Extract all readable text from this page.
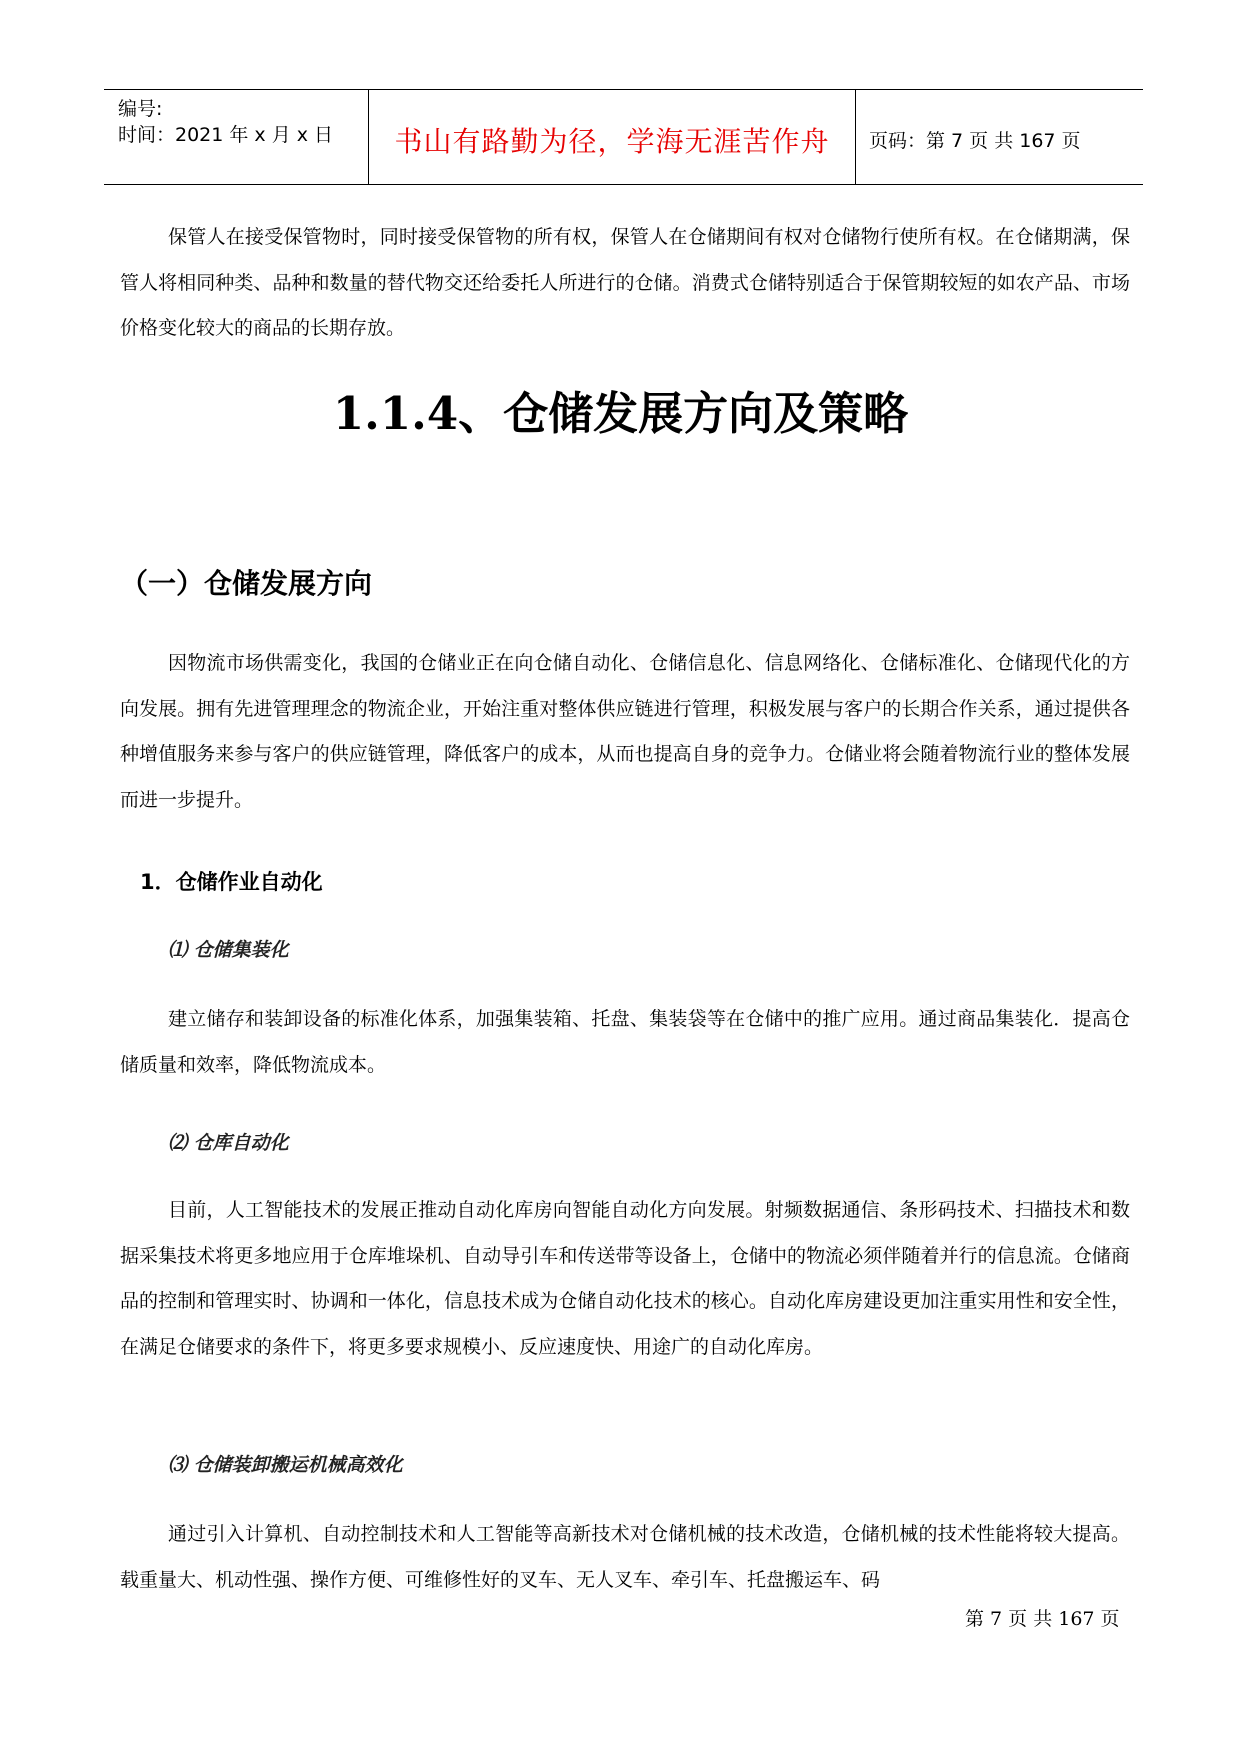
编号:
时间：2021 年 x 月 x 日	书山有路勤为径，学海无涯苦作舟	页码：第 7 页 共 167 页

保管人在接受保管物时，同时接受保管物的所有权，保管人在仓储期间有权对仓储物行使所有权。在仓储期满，保管人将相同种类、品种和数量的替代物交还给委托人所进行的仓储。消费式仓储特别适合于保管期较短的如农产品、市场价格变化较大的商品的长期存放。

1.1.4、仓储发展方向及策略
（一）仓储发展方向

因物流市场供需变化，我国的仓储业正在向仓储自动化、仓储信息化、信息网络化、仓储标准化、仓储现代化的方向发展。拥有先进管理理念的物流企业，开始注重对整体供应链进行管理，积极发展与客户的长期合作关系，通过提供各种增值服务来参与客户的供应链管理，降低客户的成本，从而也提高自身的竞争力。仓储业将会随着物流行业的整体发展而进一步提升。

1．仓储作业自动化
⑴ 仓储集装化

建立储存和装卸设备的标准化体系，加强集装箱、托盘、集装袋等在仓储中的推广应用。通过商品集装化．提高仓储质量和效率，降低物流成本。

⑵ 仓库自动化

目前，人工智能技术的发展正推动自动化库房向智能自动化方向发展。射频数据通信、条形码技术、扫描技术和数据采集技术将更多地应用于仓库堆垛机、自动导引车和传送带等设备上，仓储中的物流必须伴随着并行的信息流。仓储商品的控制和管理实时、协调和一体化，信息技术成为仓储自动化技术的核心。自动化库房建设更加注重实用性和安全性，在满足仓储要求的条件下，将更多要求规模小、反应速度快、用途广的自动化库房。

⑶ 仓储装卸搬运机械高效化

通过引入计算机、自动控制技术和人工智能等高新技术对仓储机械的技术改造，仓储机械的技术性能将较大提高。载重量大、机动性强、操作方便、可维修性好的叉车、无人叉车、牵引车、托盘搬运车、码

第 7 页 共 167 页
